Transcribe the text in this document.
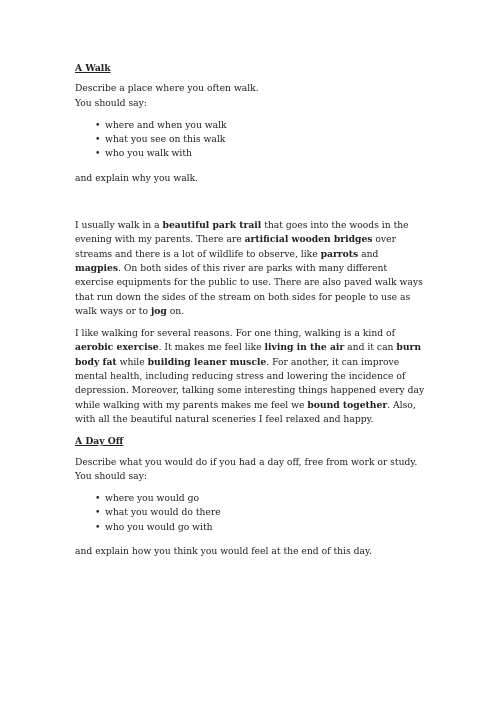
A Walk

Describe a place where you often walk.

You should say:

• where and when you walk
• what you see on this walk
• who you walk with

and explain why you walk.

I usually walk in a beautiful park trail that goes into the woods in the evening with my parents. There are artificial wooden bridges over streams and there is a lot of wildlife to observe, like parrots and magpies. On both sides of this river are parks with many different exercise equipments for the public to use. There are also paved walk ways that run down the sides of the stream on both sides for people to use as walk ways or to jog on.

I like walking for several reasons. For one thing, walking is a kind of aerobic exercise. It makes me feel like living in the air and it can burn body fat while building leaner muscle. For another, it can improve mental health, including reducing stress and lowering the incidence of depression. Moreover, talking some interesting things happened every day while walking with my parents makes me feel we bound together. Also, with all the beautiful natural sceneries I feel relaxed and happy.

A Day Off

Describe what you would do if you had a day off, free from work or study.

You should say:

• where you would go
• what you would do there
• who you would go with

and explain how you think you would feel at the end of this day.
